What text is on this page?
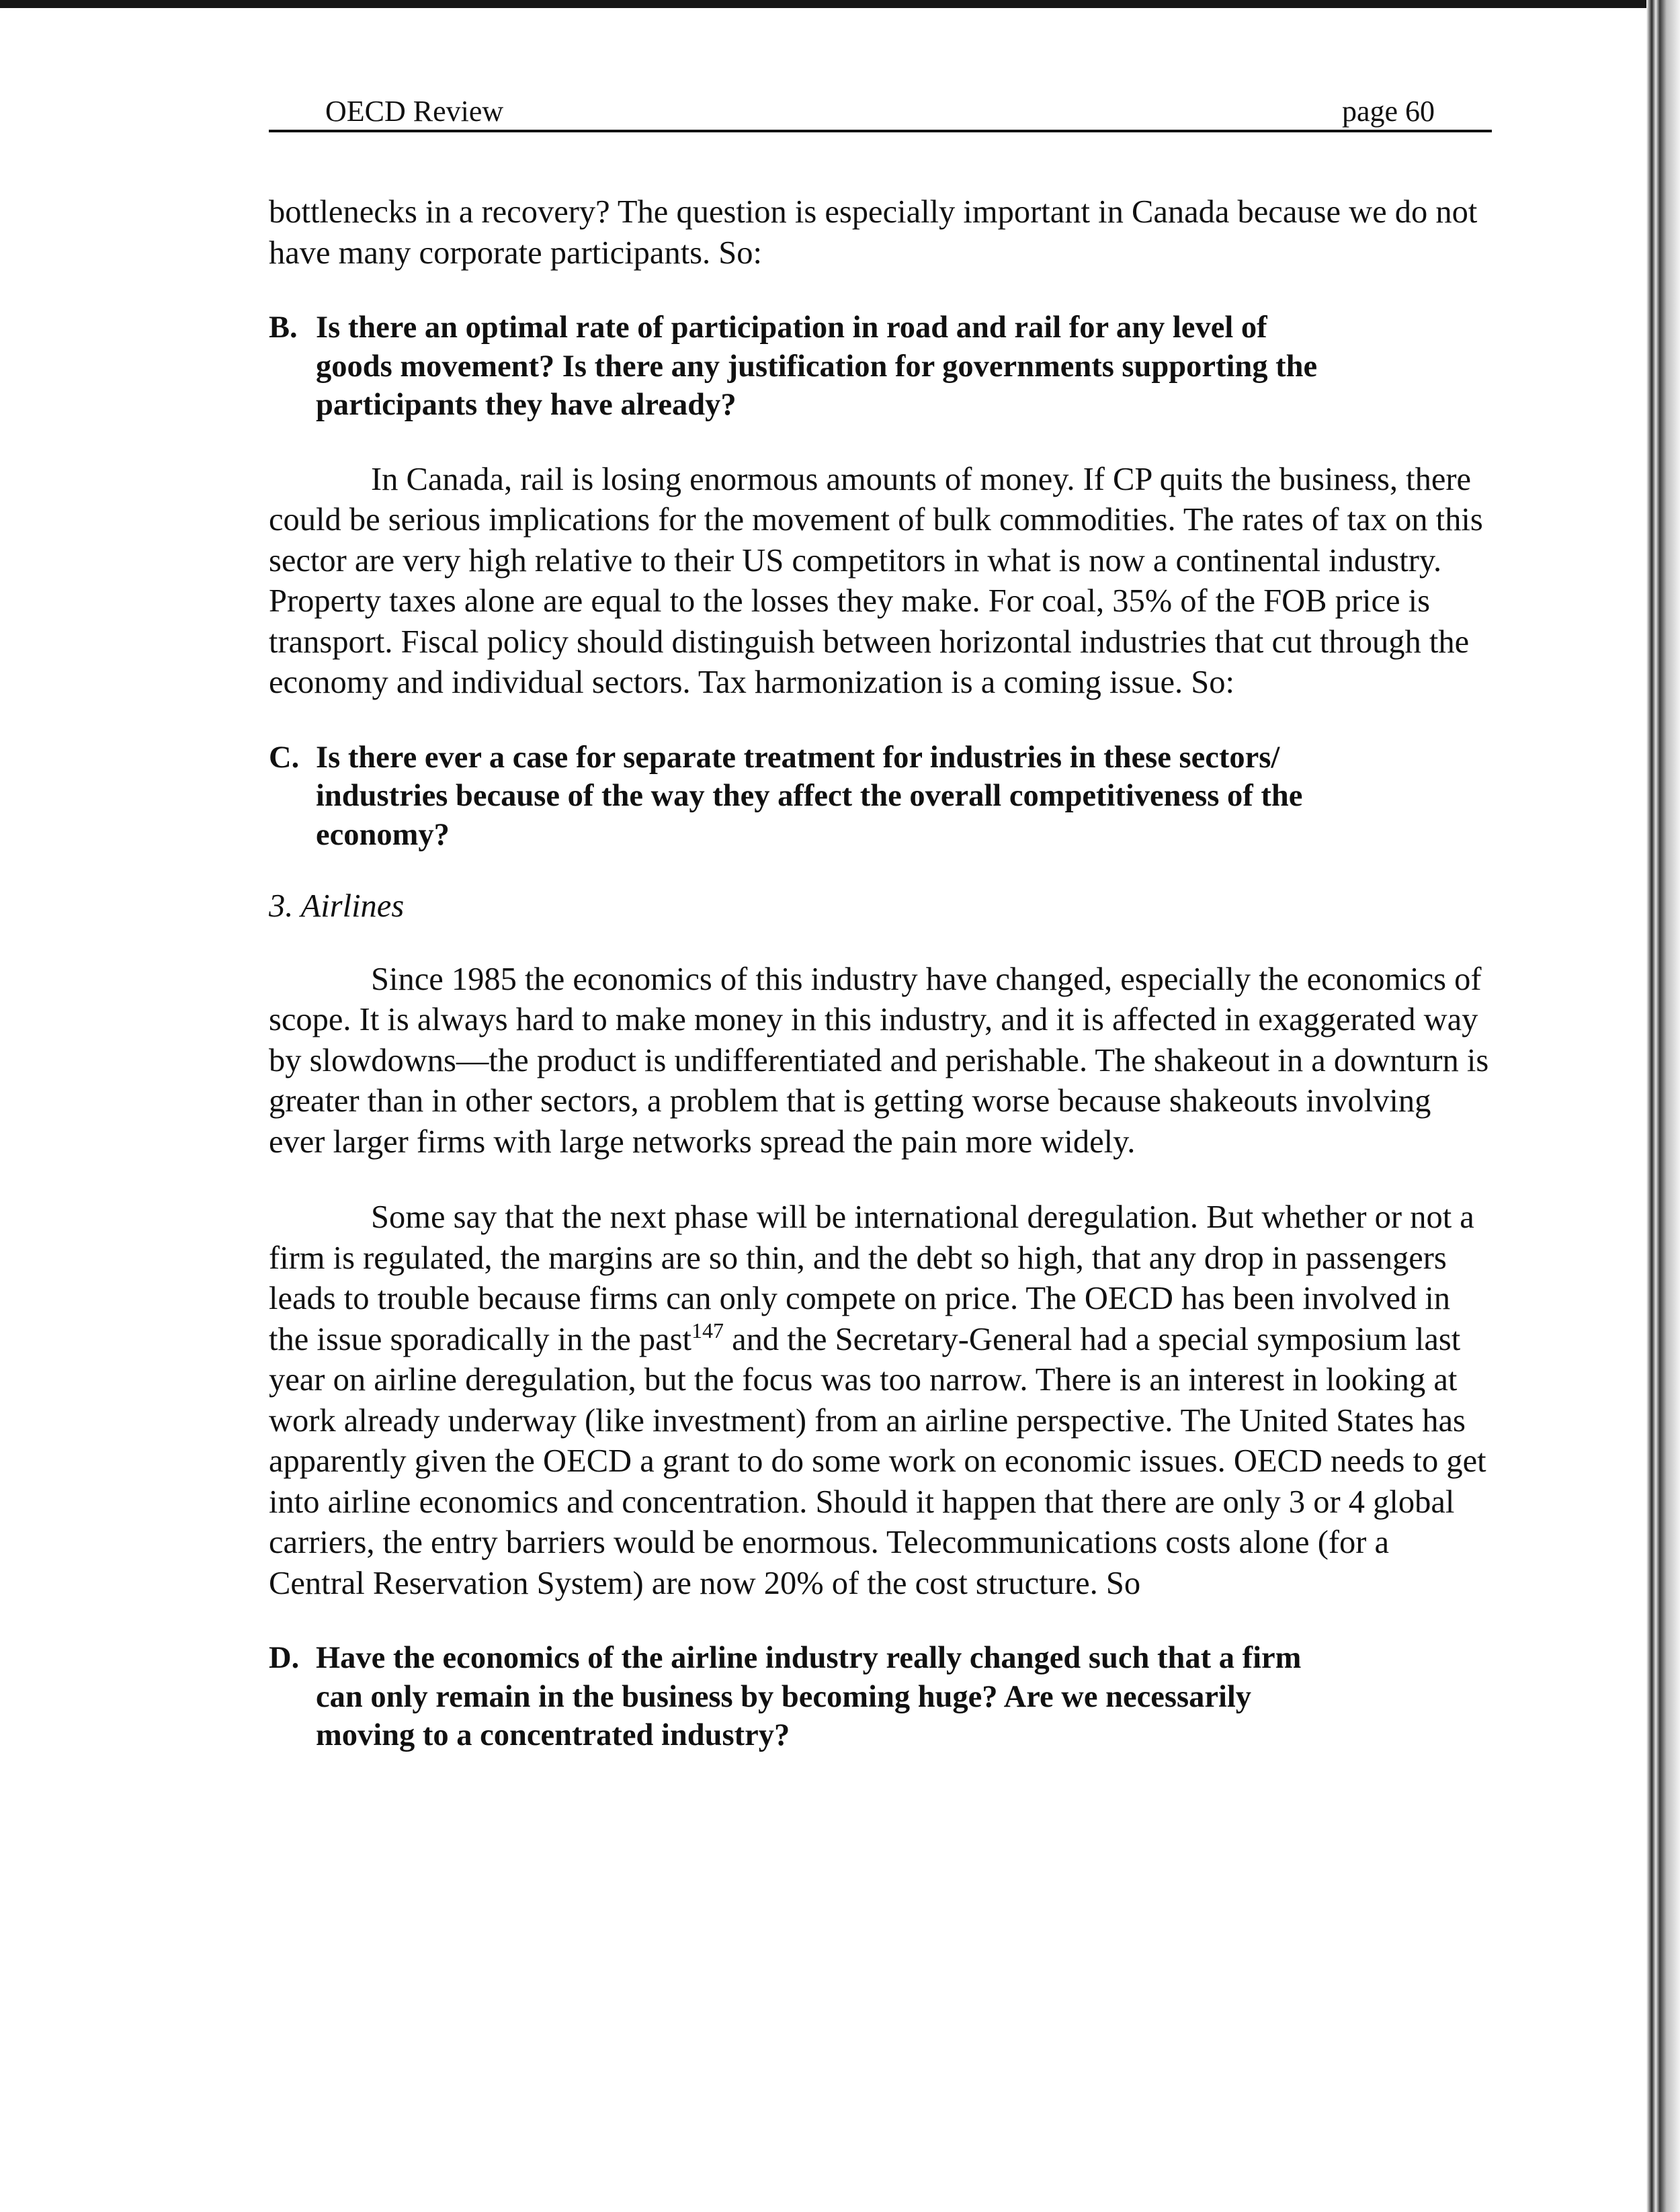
OECD Review	page 60

bottlenecks in a recovery? The question is especially important in Canada because we do not have many corporate participants. So:

B. Is there an optimal rate of participation in road and rail for any level of goods movement? Is there any justification for governments supporting the participants they have already?

In Canada, rail is losing enormous amounts of money. If CP quits the business, there could be serious implications for the movement of bulk commodities. The rates of tax on this sector are very high relative to their US competitors in what is now a continental industry. Property taxes alone are equal to the losses they make. For coal, 35% of the FOB price is transport. Fiscal policy should distinguish between horizontal industries that cut through the economy and individual sectors. Tax harmonization is a coming issue. So:

C. Is there ever a case for separate treatment for industries in these sectors/ industries because of the way they affect the overall competitiveness of the economy?

3. Airlines

Since 1985 the economics of this industry have changed, especially the economics of scope. It is always hard to make money in this industry, and it is affected in exaggerated way by slowdowns—the product is undifferentiated and perishable. The shakeout in a downturn is greater than in other sectors, a problem that is getting worse because shakeouts involving ever larger firms with large networks spread the pain more widely.

Some say that the next phase will be international deregulation. But whether or not a firm is regulated, the margins are so thin, and the debt so high, that any drop in passengers leads to trouble because firms can only compete on price. The OECD has been involved in the issue sporadically in the past$^{147}$ and the Secretary-General had a special symposium last year on airline deregulation, but the focus was too narrow. There is an interest in looking at work already underway (like investment) from an airline perspective. The United States has apparently given the OECD a grant to do some work on economic issues. OECD needs to get into airline economics and concentration. Should it happen that there are only 3 or 4 global carriers, the entry barriers would be enormous. Telecommunications costs alone (for a Central Reservation System) are now 20% of the cost structure. So

D. Have the economics of the airline industry really changed such that a firm can only remain in the business by becoming huge? Are we necessarily moving to a concentrated industry?
